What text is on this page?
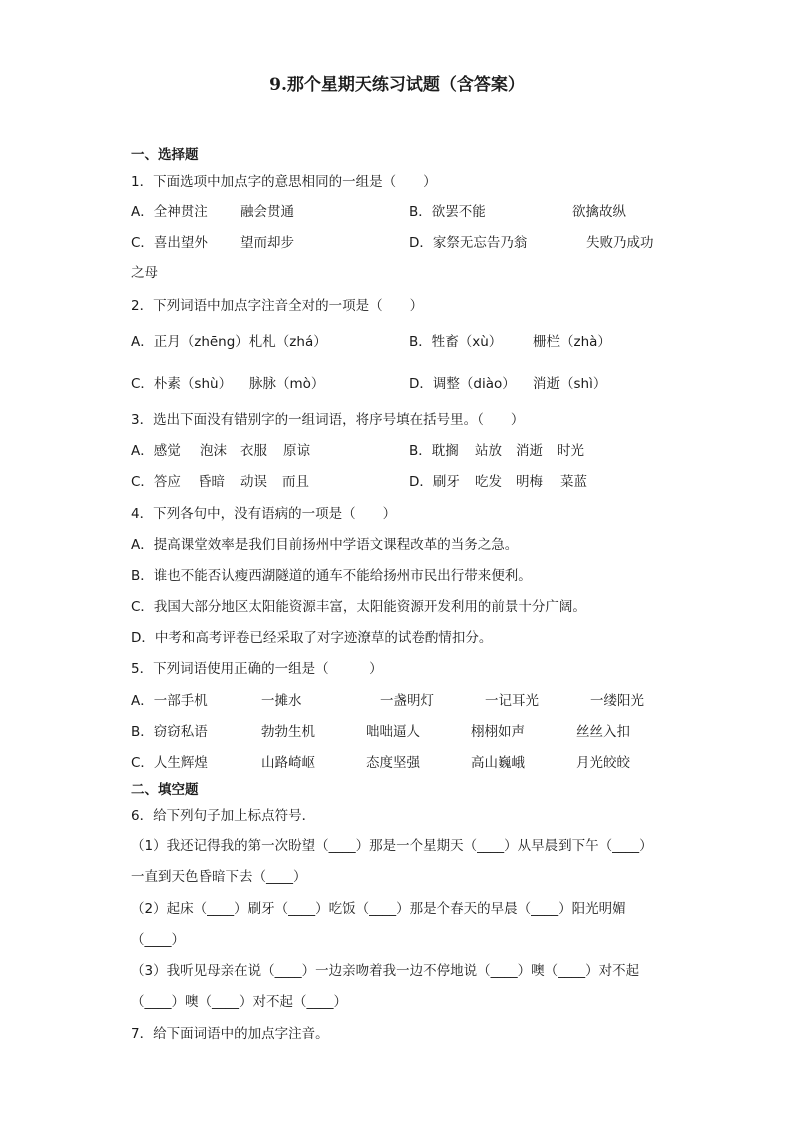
9.那个星期天练习试题（含答案）
一、选择题
1．下面选项中加点字的意思相同的一组是（　　）
A．全神贯注 融会贯通	B．欲罢不能	欲擒故纵
C．喜出望外 望而却步	D．家祭无忘告乃翁	失败乃成功
之母
2．下列词语中加点字注音全对的一项是（　　）
A．正月（zhēng）札札（zhá）	B．牲畜（xù） 栅栏（zhà）
C．朴素（shù） 脉脉（mò）	D．调整（diào） 消逝（shì）
3．选出下面没有错别字的一组词语，将序号填在括号里。（　　）
A．感觉 泡沫 衣服 原谅	B．耽搁 站放 消逝 时光
C．答应 昏暗 动误 而且	D．刷牙 吃发 明梅 菜蓝
4．下列各句中，没有语病的一项是（　　）
A．提高课堂效率是我们目前扬州中学语文课程改革的当务之急。
B．谁也不能否认瘦西湖隧道的通车不能给扬州市民出行带来便利。
C．我国大部分地区太阳能资源丰富，太阳能资源开发利用的前景十分广阔。
D．中考和高考评卷已经采取了对字迹潦草的试卷酌情扣分。
5．下列词语使用正确的一组是（　　　）
A．一部手机	一摊水	一盏明灯	一记耳光	一缕阳光
B．窃窃私语	勃勃生机	咄咄逼人	栩栩如声	丝丝入扣
C．人生辉煌	山路崎岖	态度坚强	高山巍峨	月光皎皎
二、填空题
6．给下列句子加上标点符号．
（1）我还记得我的第一次盼望（____）那是一个星期天（____）从早晨到下午（____）
一直到天色昏暗下去（____）
（2）起床（____）刷牙（____）吃饭（____）那是个春天的早晨（____）阳光明媚
（____）
（3）我听见母亲在说（____）一边亲吻着我一边不停地说（____）噢（____）对不起
（____）噢（____）对不起（____）
7．给下面词语中的加点字注音。
